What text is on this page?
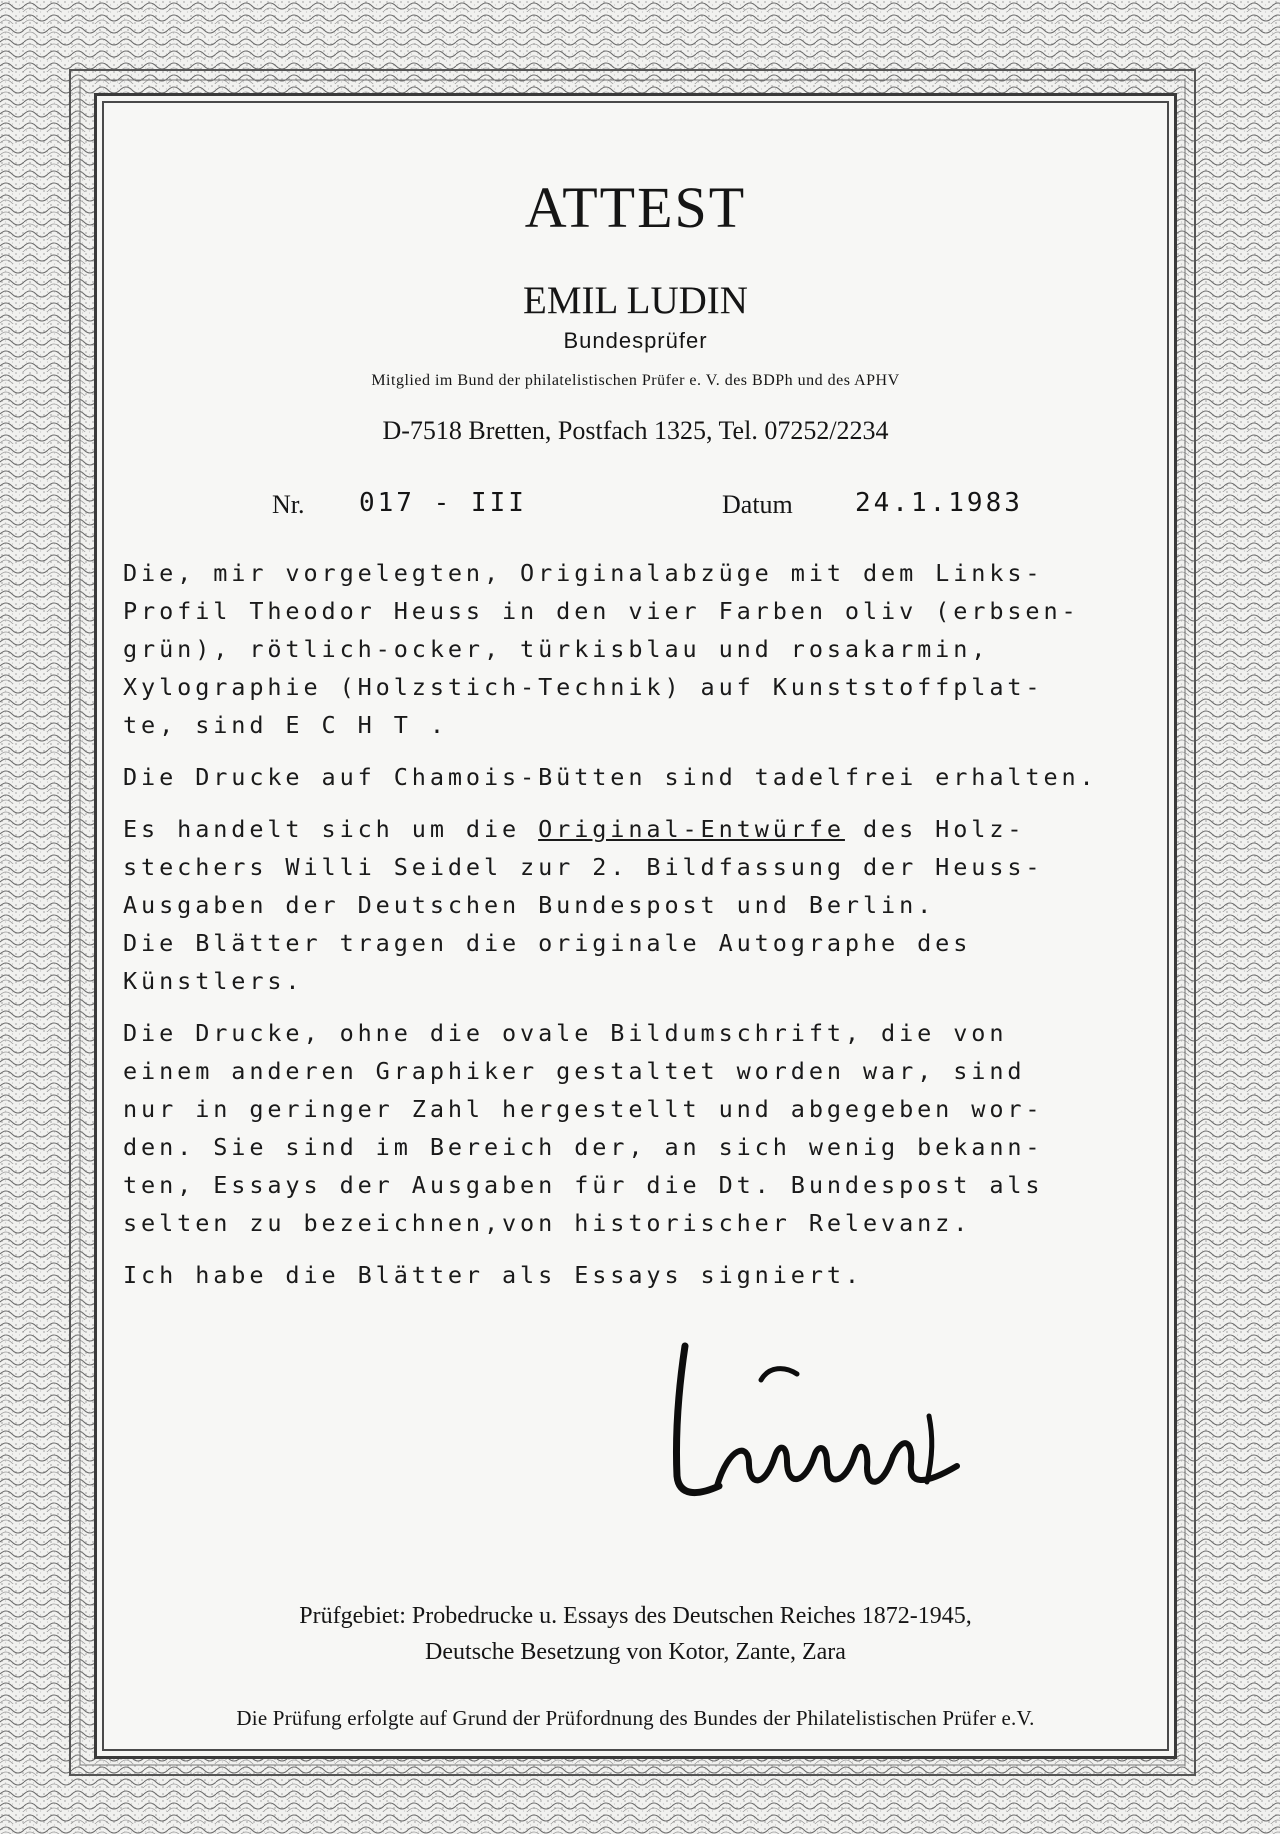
ATTEST
EMIL LUDIN
Bundesprüfer
Mitglied im Bund der philatelistischen Prüfer e. V. des BDPh und des APHV
D-7518 Bretten, Postfach 1325, Tel. 07252/2234
Nr. 017 - III	Datum 24.1.1983

Die, mir vorgelegten, Originalabzüge mit dem Links-
Profil Theodor Heuss in den vier Farben oliv (erbsen-
grün), rötlich-ocker, türkisblau und rosakarmin,
Xylographie (Holzstich-Technik) auf Kunststoffplat-
te, sind E C H T .

Die Drucke auf Chamois-Bütten sind tadelfrei erhalten.

Es handelt sich um die Original-Entwürfe des Holz-
stechers Willi Seidel zur 2. Bildfassung der Heuss-
Ausgaben der Deutschen Bundespost und Berlin.
Die Blätter tragen die originale Autographe des
Künstlers.

Die Drucke, ohne die ovale Bildumschrift, die von
einem anderen Graphiker gestaltet worden war, sind
nur in geringer Zahl hergestellt und abgegeben wor-
den. Sie sind im Bereich der, an sich wenig bekann-
ten, Essays der Ausgaben für die Dt. Bundespost als
selten zu bezeichnen,von historischer Relevanz.

Ich habe die Blätter als Essays signiert.

Prüfgebiet: Probedrucke u. Essays des Deutschen Reiches 1872-1945,
Deutsche Besetzung von Kotor, Zante, Zara
Die Prüfung erfolgte auf Grund der Prüfordnung des Bundes der Philatelistischen Prüfer e.V.
